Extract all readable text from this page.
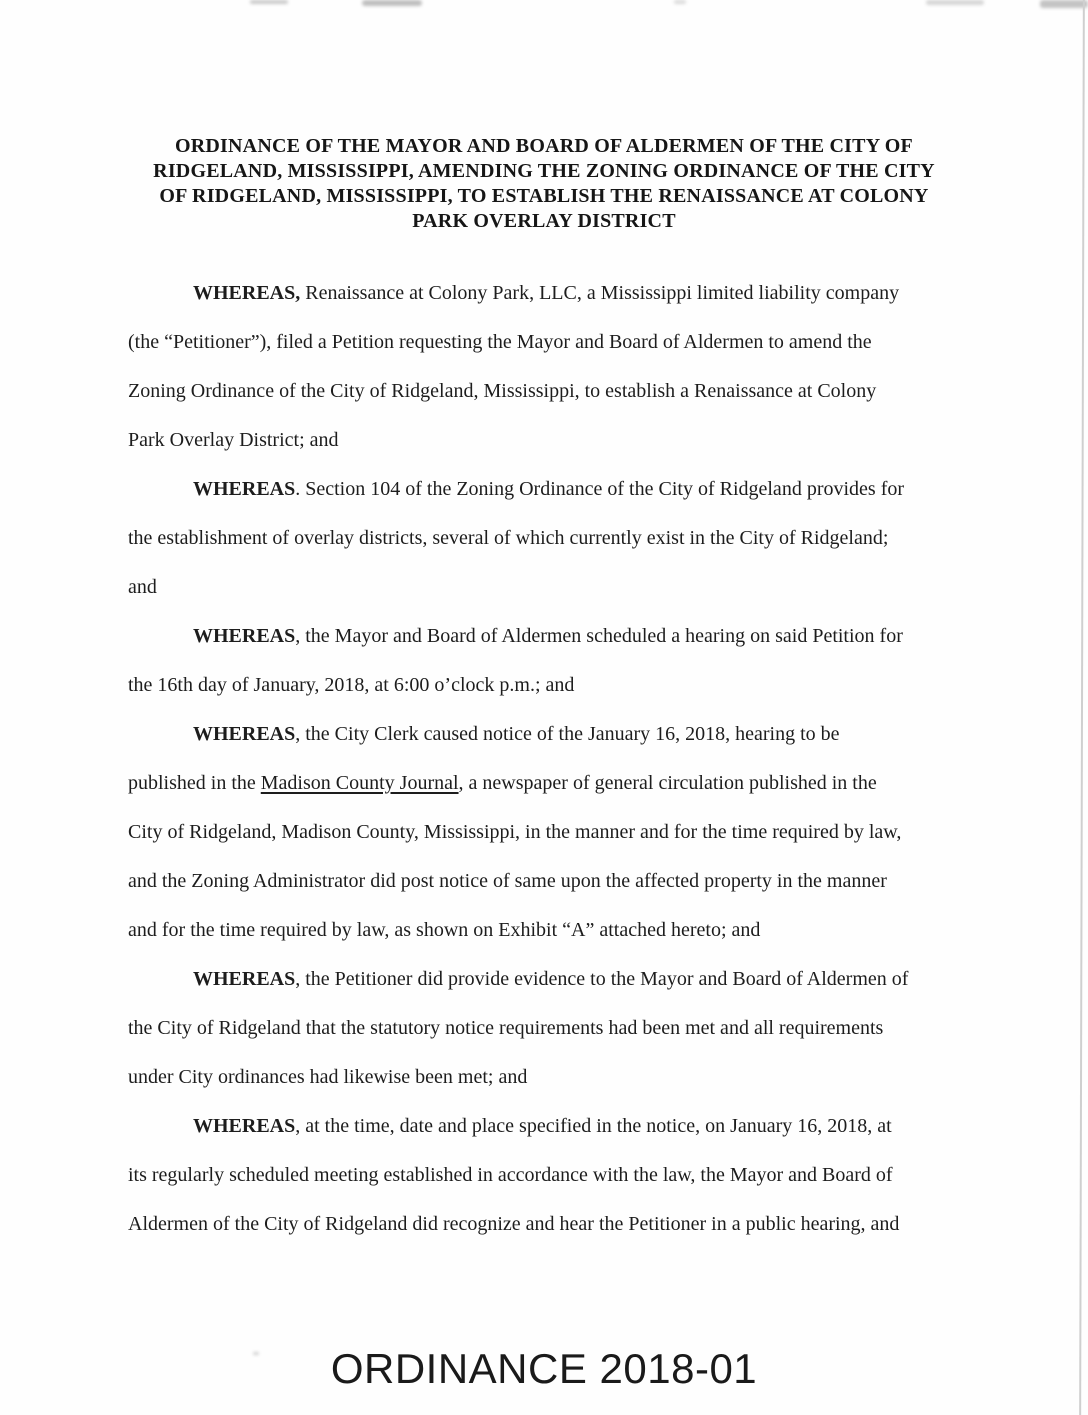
ORDINANCE OF THE MAYOR AND BOARD OF ALDERMEN OF THE CITY OF
RIDGELAND, MISSISSIPPI, AMENDING THE ZONING ORDINANCE OF THE CITY
OF RIDGELAND, MISSISSIPPI, TO ESTABLISH THE RENAISSANCE AT COLONY
PARK OVERLAY DISTRICT
WHEREAS, Renaissance at Colony Park, LLC, a Mississippi limited liability company
(the “Petitioner”), filed a Petition requesting the Mayor and Board of Aldermen to amend the
Zoning Ordinance of the City of Ridgeland, Mississippi, to establish a Renaissance at Colony
Park Overlay District; and
WHEREAS. Section 104 of the Zoning Ordinance of the City of Ridgeland provides for
the establishment of overlay districts, several of which currently exist in the City of Ridgeland;
and
WHEREAS, the Mayor and Board of Aldermen scheduled a hearing on said Petition for
the 16th day of January, 2018, at 6:00 o’clock p.m.; and
WHEREAS, the City Clerk caused notice of the January 16, 2018, hearing to be
published in the Madison County Journal, a newspaper of general circulation published in the
City of Ridgeland, Madison County, Mississippi, in the manner and for the time required by law,
and the Zoning Administrator did post notice of same upon the affected property in the manner
and for the time required by law, as shown on Exhibit “A” attached hereto; and
WHEREAS, the Petitioner did provide evidence to the Mayor and Board of Aldermen of
the City of Ridgeland that the statutory notice requirements had been met and all requirements
under City ordinances had likewise been met; and
WHEREAS, at the time, date and place specified in the notice, on January 16, 2018, at
its regularly scheduled meeting established in accordance with the law, the Mayor and Board of
Aldermen of the City of Ridgeland did recognize and hear the Petitioner in a public hearing, and
ORDINANCE 2018-01
